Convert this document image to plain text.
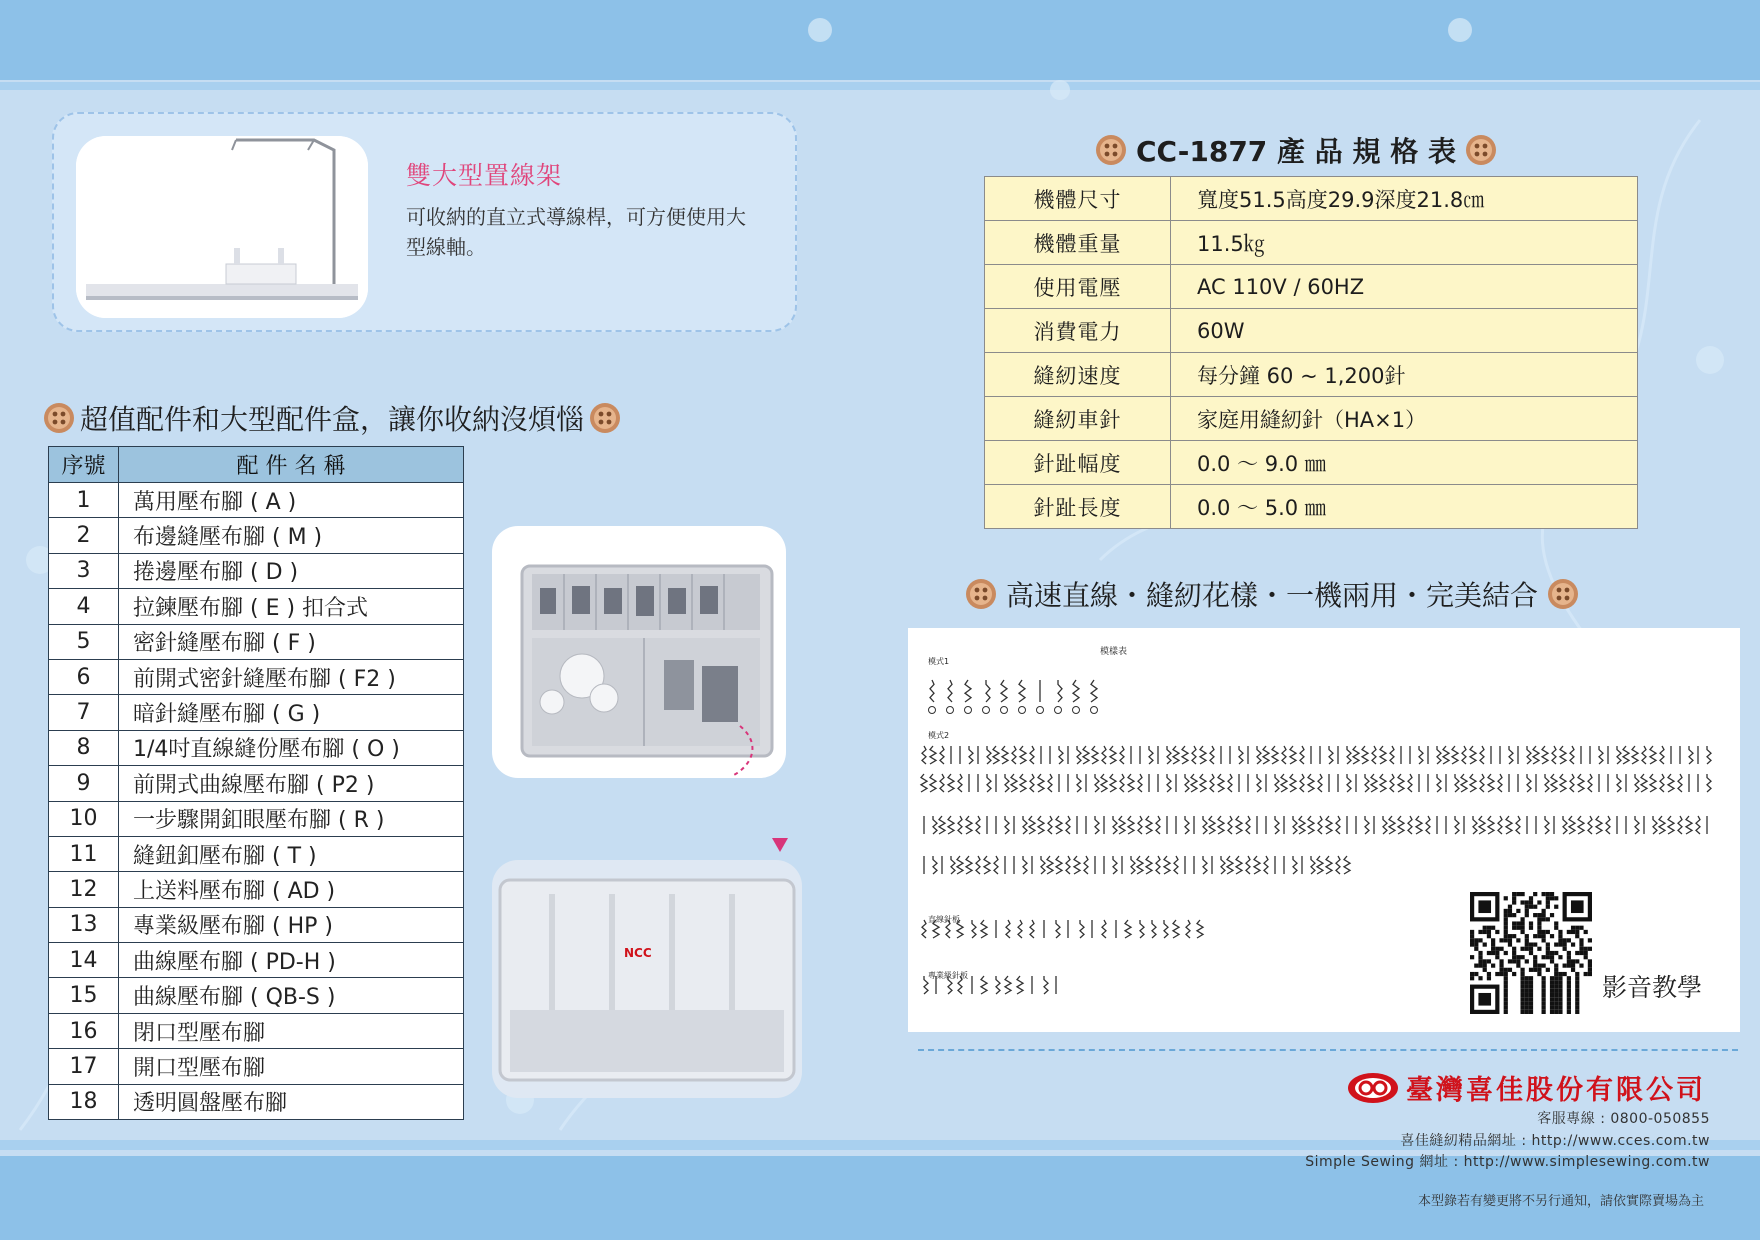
雙大型置線架
可收納的直立式導線桿，可方便使用大型線軸。
超值配件和大型配件盒，讓你收納沒煩惱
序號	配 件 名 稱
1	萬用壓布腳 ( A )
2	布邊縫壓布腳 ( M )
3	捲邊壓布腳 ( D )
4	拉鍊壓布腳 ( E ) 扣合式
5	密針縫壓布腳 ( F )
6	前開式密針縫壓布腳 ( F2 )
7	暗針縫壓布腳 ( G )
8	1/4吋直線縫份壓布腳 ( O )
9	前開式曲線壓布腳 ( P2 )
10	一步驟開釦眼壓布腳 ( R )
11	縫鈕釦壓布腳 ( T )
12	上送料壓布腳 ( AD )
13	專業級壓布腳 ( HP )
14	曲線壓布腳 ( PD-H )
15	曲線壓布腳 ( QB-S )
16	閉口型壓布腳
17	開口型壓布腳
18	透明圓盤壓布腳
NCC
CC-1877 產 品 規 格 表
機體尺寸	寬度51.5高度29.9深度21.8㎝
機體重量	11.5㎏
使用電壓	AC 110V / 60HZ
消費電力	60W
縫紉速度	每分鐘 60 ~ 1,200針
縫紉車針	家庭用縫紉針（HA×1）
針趾幅度	0.0 ～ 9.0 ㎜
針趾長度	0.0 ～ 5.0 ㎜
高速直線・縫紉花樣・一機兩用・完美結合
模樣表
模式1
模式2
直線針板
專業級針板	影音教學
臺灣喜佳股份有限公司
客服專線 : 0800-050855
喜佳縫紉精品網址 : http://www.cces.com.tw
Simple Sewing 網址 : http://www.simplesewing.com.tw
本型錄若有變更將不另行通知，請依實際賣場為主
